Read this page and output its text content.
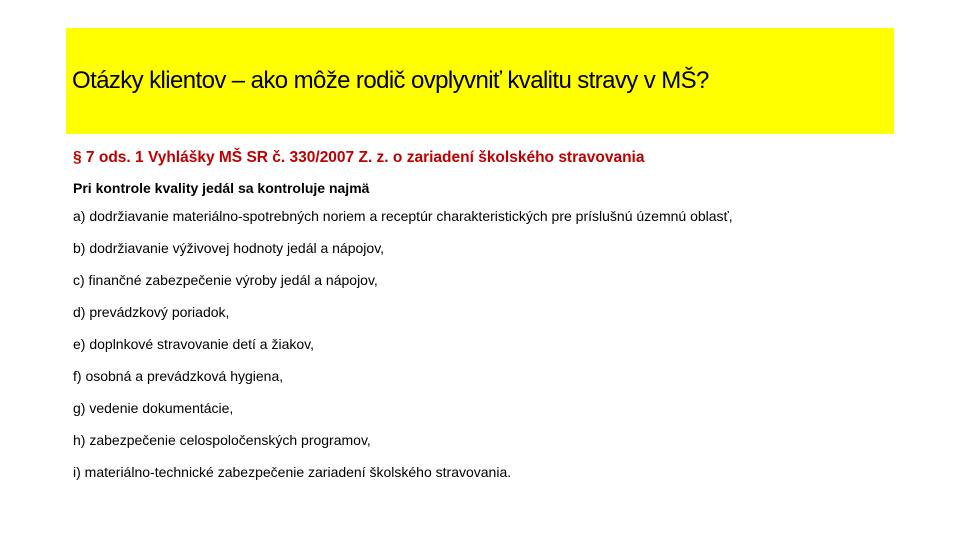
Otázky klientov – ako môže rodič ovplyvniť kvalitu stravy v MŠ?

§ 7 ods. 1 Vyhlášky MŠ SR č. 330/2007 Z. z. o zariadení školského stravovania

Pri kontrole kvality jedál sa kontroluje najmä

a) dodržiavanie materiálno-spotrebných noriem a receptúr charakteristických pre príslušnú územnú oblasť,
b) dodržiavanie výživovej hodnoty jedál a nápojov,
c) finančné zabezpečenie výroby jedál a nápojov,
d) prevádzkový poriadok,
e) doplnkové stravovanie detí a žiakov,
f) osobná a prevádzková hygiena,
g) vedenie dokumentácie,
h) zabezpečenie celospoločenských programov,
i) materiálno-technické zabezpečenie zariadení školského stravovania.
